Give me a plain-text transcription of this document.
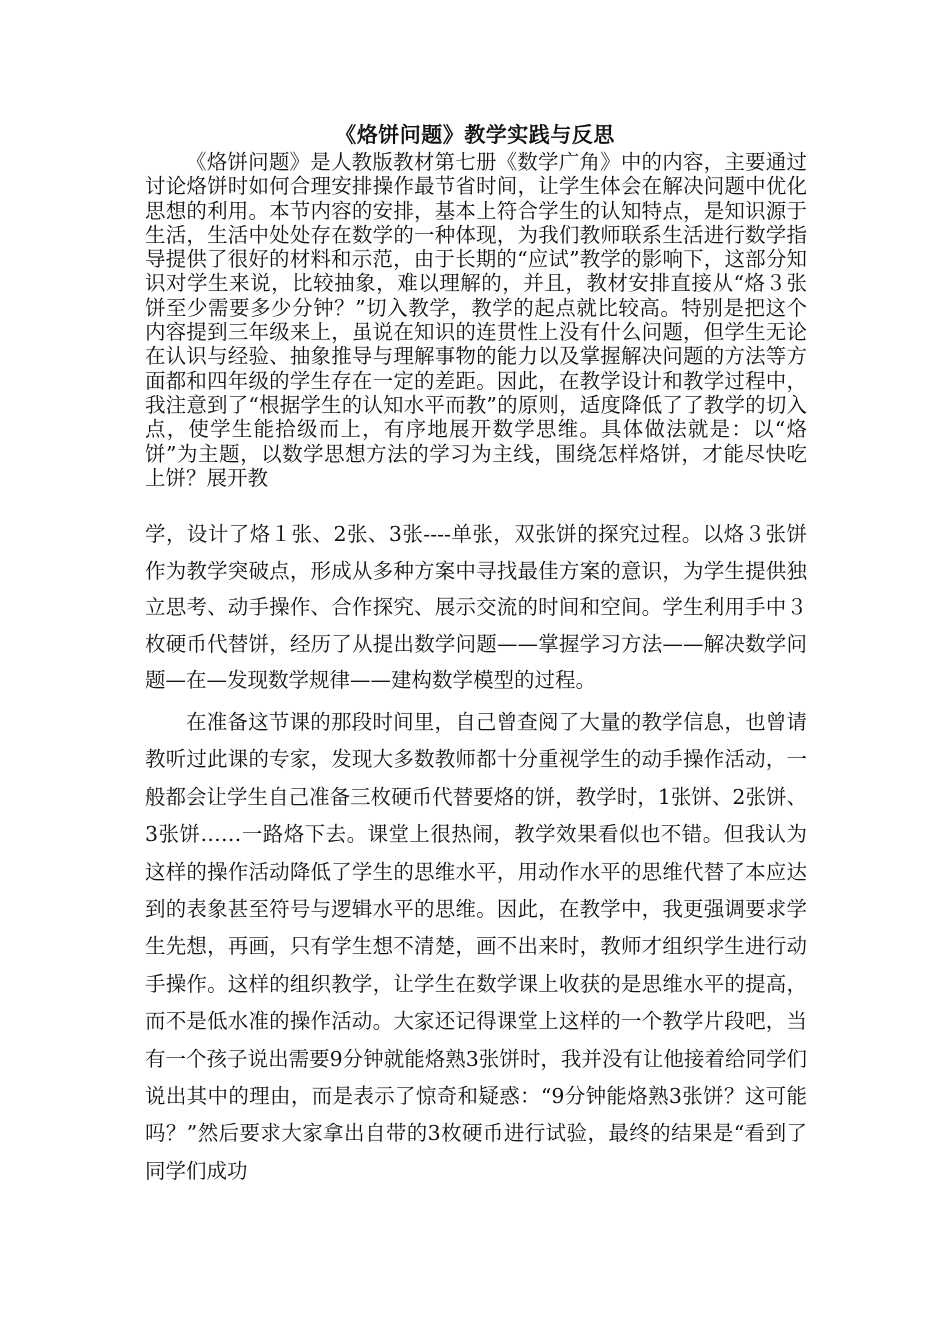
《烙饼问题》教学实践与反思

《烙饼问题》是人教版教材第七册《数学广角》中的内容，主要通过讨论烙饼时如何合理安排操作最节省时间，让学生体会在解决问题中优化思想的利用。本节内容的安排，基本上符合学生的认知特点，是知识源于生活，生活中处处存在数学的一种体现，为我们教师联系生活进行数学指导提供了很好的材料和示范，由于长期的“应试”教学的影响下，这部分知识对学生来说，比较抽象，难以理解的，并且，教材安排直接从“烙３张饼至少需要多少分钟？”切入教学，教学的起点就比较高。特别是把这个内容提到三年级来上，虽说在知识的连贯性上没有什么问题，但学生无论在认识与经验、抽象推导与理解事物的能力以及掌握解决问题的方法等方面都和四年级的学生存在一定的差距。因此，在教学设计和教学过程中，我注意到了“根据学生的认知水平而教”的原则，适度降低了了教学的切入点，使学生能拾级而上，有序地展开数学思维。具体做法就是：以“烙饼”为主题，以数学思想方法的学习为主线，围绕怎样烙饼，才能尽快吃上饼？展开教

学，设计了烙１张、2张、3张----单张，双张饼的探究过程。以烙３张饼作为教学突破点，形成从多种方案中寻找最佳方案的意识，为学生提供独立思考、动手操作、合作探究、展示交流的时间和空间。学生利用手中３枚硬币代替饼，经历了从提出数学问题——掌握学习方法——解决数学问题—在—发现数学规律——建构数学模型的过程。

在准备这节课的那段时间里，自己曾查阅了大量的教学信息，也曾请教听过此课的专家，发现大多数教师都十分重视学生的动手操作活动，一般都会让学生自己准备三枚硬币代替要烙的饼，教学时，1张饼、2张饼、3张饼……一路烙下去。课堂上很热闹，教学效果看似也不错。但我认为这样的操作活动降低了学生的思维水平，用动作水平的思维代替了本应达到的表象甚至符号与逻辑水平的思维。因此，在教学中，我更强调要求学生先想，再画，只有学生想不清楚，画不出来时，教师才组织学生进行动手操作。这样的组织教学，让学生在数学课上收获的是思维水平的提高，而不是低水准的操作活动。大家还记得课堂上这样的一个教学片段吧，当有一个孩子说出需要9分钟就能烙熟3张饼时，我并没有让他接着给同学们说出其中的理由，而是表示了惊奇和疑惑：“9分钟能烙熟3张饼？这可能吗？”然后要求大家拿出自带的3枚硬币进行试验，最终的结果是“看到了同学们成功
